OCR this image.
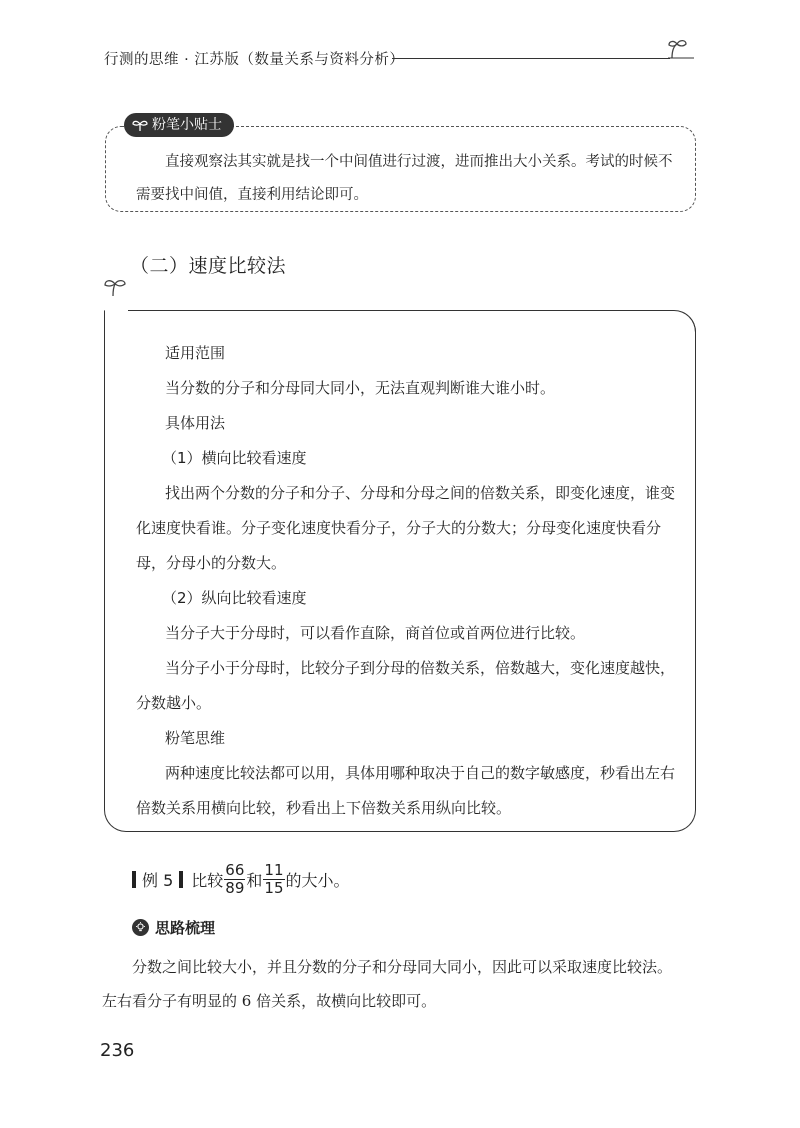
行测的思维 · 江苏版（数量关系与资料分析）
粉笔小贴士
直接观察法其实就是找一个中间值进行过渡，进而推出大小关系。考试的时候不需要找中间值，直接利用结论即可。
（二）速度比较法

适用范围

当分数的分子和分母同大同小，无法直观判断谁大谁小时。

具体用法

（1）横向比较看速度

找出两个分数的分子和分子、分母和分母之间的倍数关系，即变化速度，谁变化速度快看谁。分子变化速度快看分子，分子大的分数大；分母变化速度快看分母，分母小的分数大。

（2）纵向比较看速度

当分子大于分母时，可以看作直除，商首位或首两位进行比较。

当分子小于分母时，比较分子到分母的倍数关系，倍数越大，变化速度越快，分数越小。

粉笔思维

两种速度比较法都可以用，具体用哪种取决于自己的数字敏感度，秒看出左右倍数关系用横向比较，秒看出上下倍数关系用纵向比较。

例 5 比较 $\frac{66}{89}$ 和 $\frac{11}{15}$ 的大小。
思路梳理

分数之间比较大小，并且分数的分子和分母同大同小，因此可以采取速度比较法。

左右看分子有明显的 6 倍关系，故横向比较即可。

236
